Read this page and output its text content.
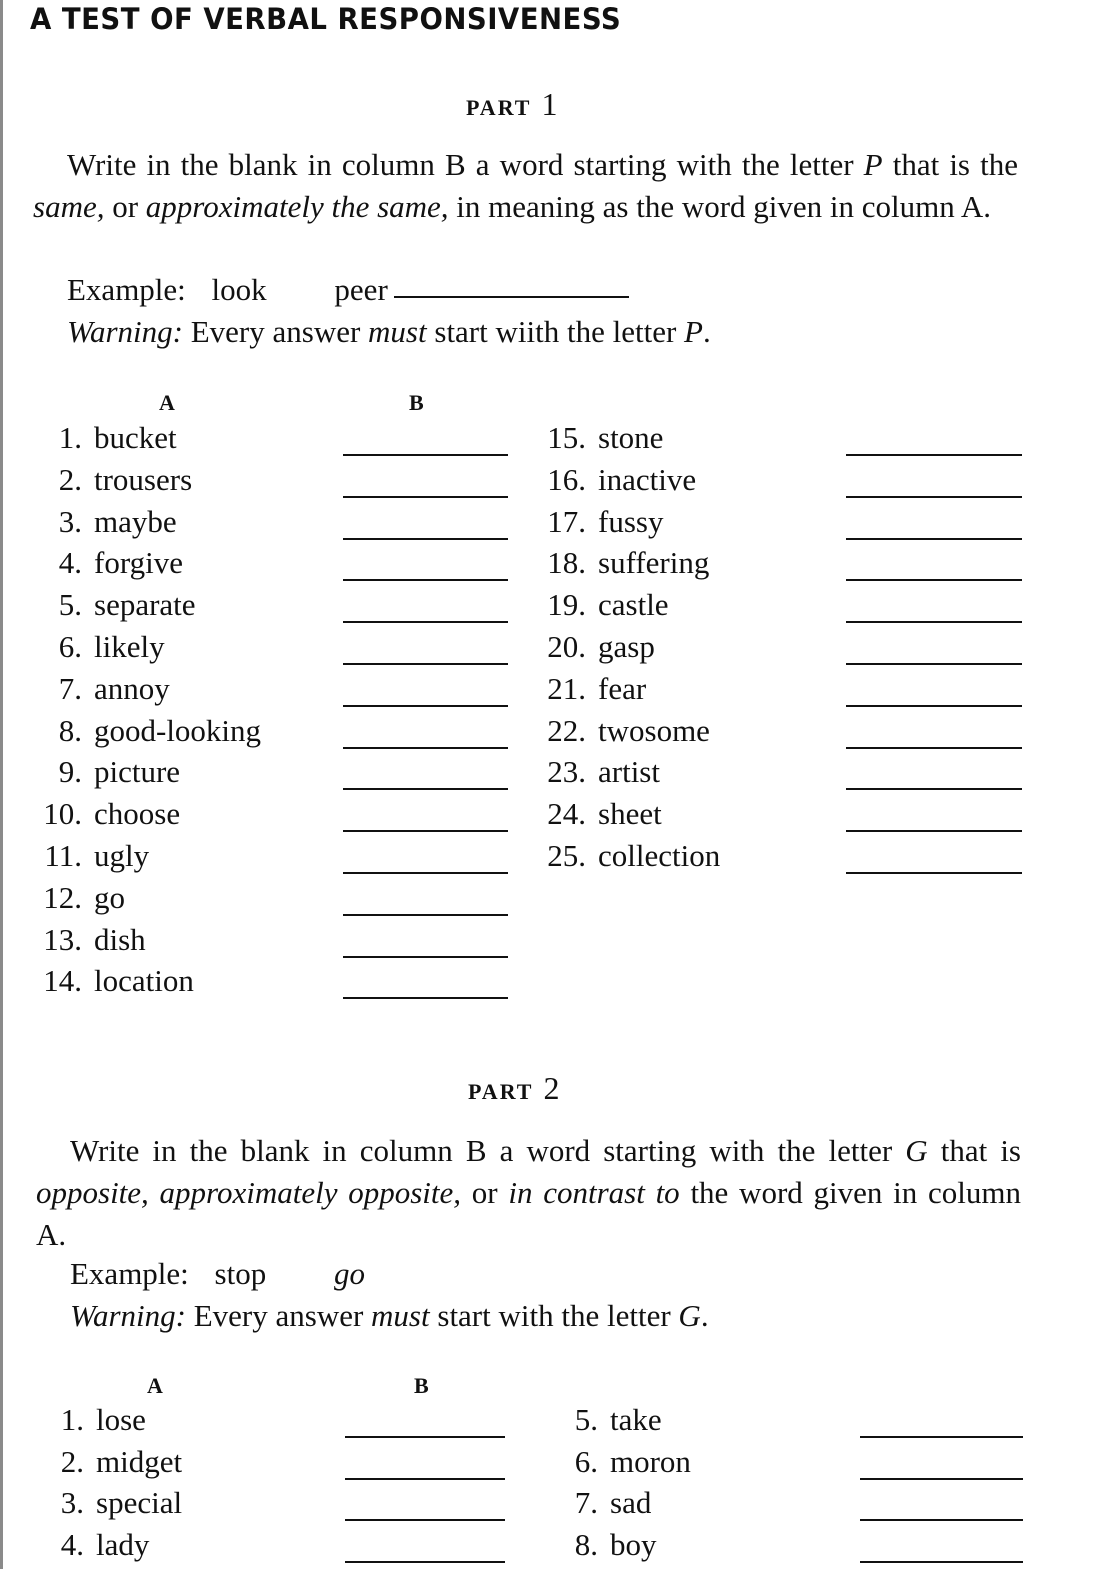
A TEST OF VERBAL RESPONSIVENESS
PART 1
Write in the blank in column B a word starting with the letter P that is the same, or approximately the same, in meaning as the word given in column A.
Example: look peer
Warning: Every answer must start wiith the letter P.
A	B
1. bucket
2. trousers
3. maybe
4. forgive
5. separate
6. likely
7. annoy
8. good-looking
9. picture
10. choose
11. ugly
12. go
13. dish
14. location
15. stone
16. inactive
17. fussy
18. suffering
19. castle
20. gasp
21. fear
22. twosome
23. artist
24. sheet
25. collection
PART 2
Write in the blank in column B a word starting with the letter G that is opposite, approximately opposite, or in contrast to the word given in column A.
Example: stop go
Warning: Every answer must start with the letter G.
A	B
1. lose
2. midget
3. special
4. lady
5. take
6. moron
7. sad
8. boy
